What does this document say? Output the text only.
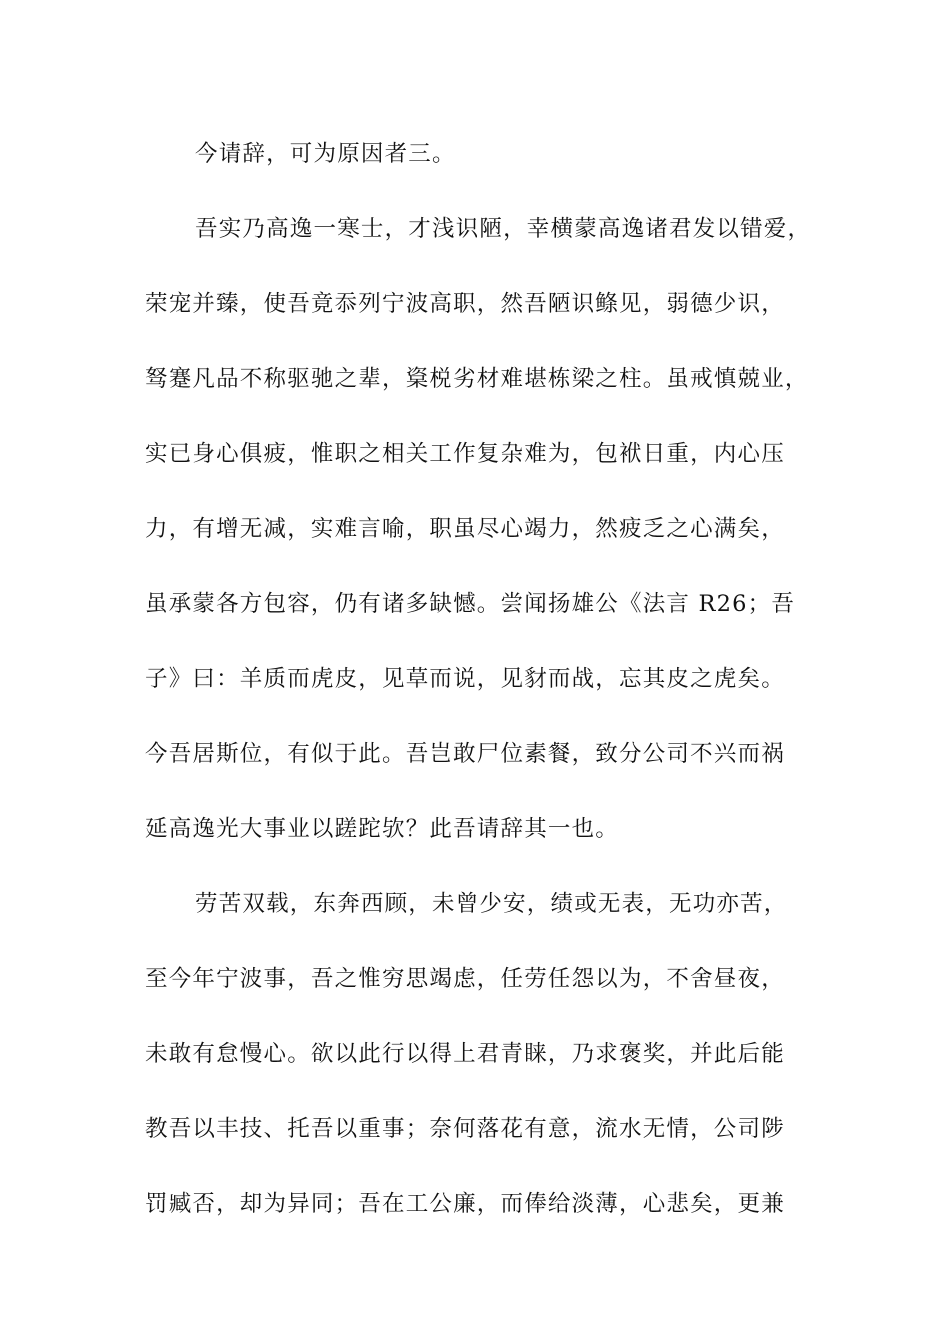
今请辞，可为原因者三。
吾实乃高逸一寒士，才浅识陋，幸横蒙高逸诸君发以错爱，
荣宠并臻，使吾竟忝列宁波高职，然吾陋识鲦见，弱德少识，
驽蹇凡品不称驱驰之辈，楶棁劣材难堪栋梁之柱。虽戒慎兢业，
实已身心俱疲，惟职之相关工作复杂难为，包袱日重，内心压
力，有增无减，实难言喻，职虽尽心竭力，然疲乏之心满矣，
虽承蒙各方包容，仍有诸多缺憾。尝闻扬雄公《法言 R26；吾
子》曰：羊质而虎皮，见草而说，见豺而战，忘其皮之虎矣。
今吾居斯位，有似于此。吾岂敢尸位素餐，致分公司不兴而祸
延高逸光大事业以蹉跎欤？此吾请辞其一也。
劳苦双载，东奔西顾，未曾少安，绩或无表，无功亦苦，
至今年宁波事，吾之惟穷思竭虑，任劳任怨以为，不舍昼夜，
未敢有怠慢心。欲以此行以得上君青睐，乃求褒奖，并此后能
教吾以丰技、托吾以重事；奈何落花有意，流水无情，公司陟
罚臧否，却为异同；吾在工公廉，而俸给淡薄，心悲矣，更兼
